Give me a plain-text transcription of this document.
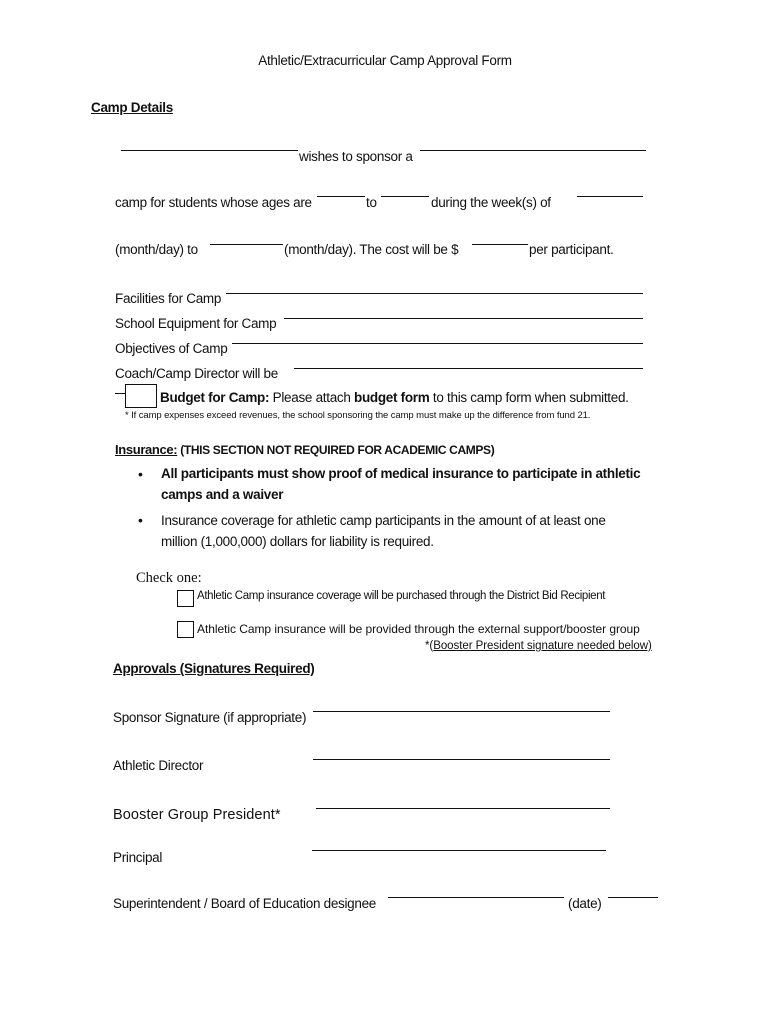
Athletic/Extracurricular Camp Approval Form
Camp Details
wishes to sponsor a
camp for students whose ages are	to	during the week(s) of
(month/day) to	(month/day). The cost will be $	per participant.
Facilities for Camp
School Equipment for Camp
Objectives of Camp
Coach/Camp Director will be
Budget for Camp: Please attach budget form to this camp form when submitted.
* If camp expenses exceed revenues, the school sponsoring the camp must make up the difference from fund 21.
Insurance: (THIS SECTION NOT REQUIRED FOR ACADEMIC CAMPS)
• All participants must show proof of medical insurance to participate in athletic
camps and a waiver
• Insurance coverage for athletic camp participants in the amount of at least one
million (1,000,000) dollars for liability is required.
Check one:
Athletic Camp insurance coverage will be purchased through the District Bid Recipient
Athletic Camp insurance will be provided through the external support/booster group
*(Booster President signature needed below)
Approvals (Signatures Required)
Sponsor Signature (if appropriate)
Athletic Director
Booster Group President*
Principal
Superintendent / Board of Education designee	(date)
